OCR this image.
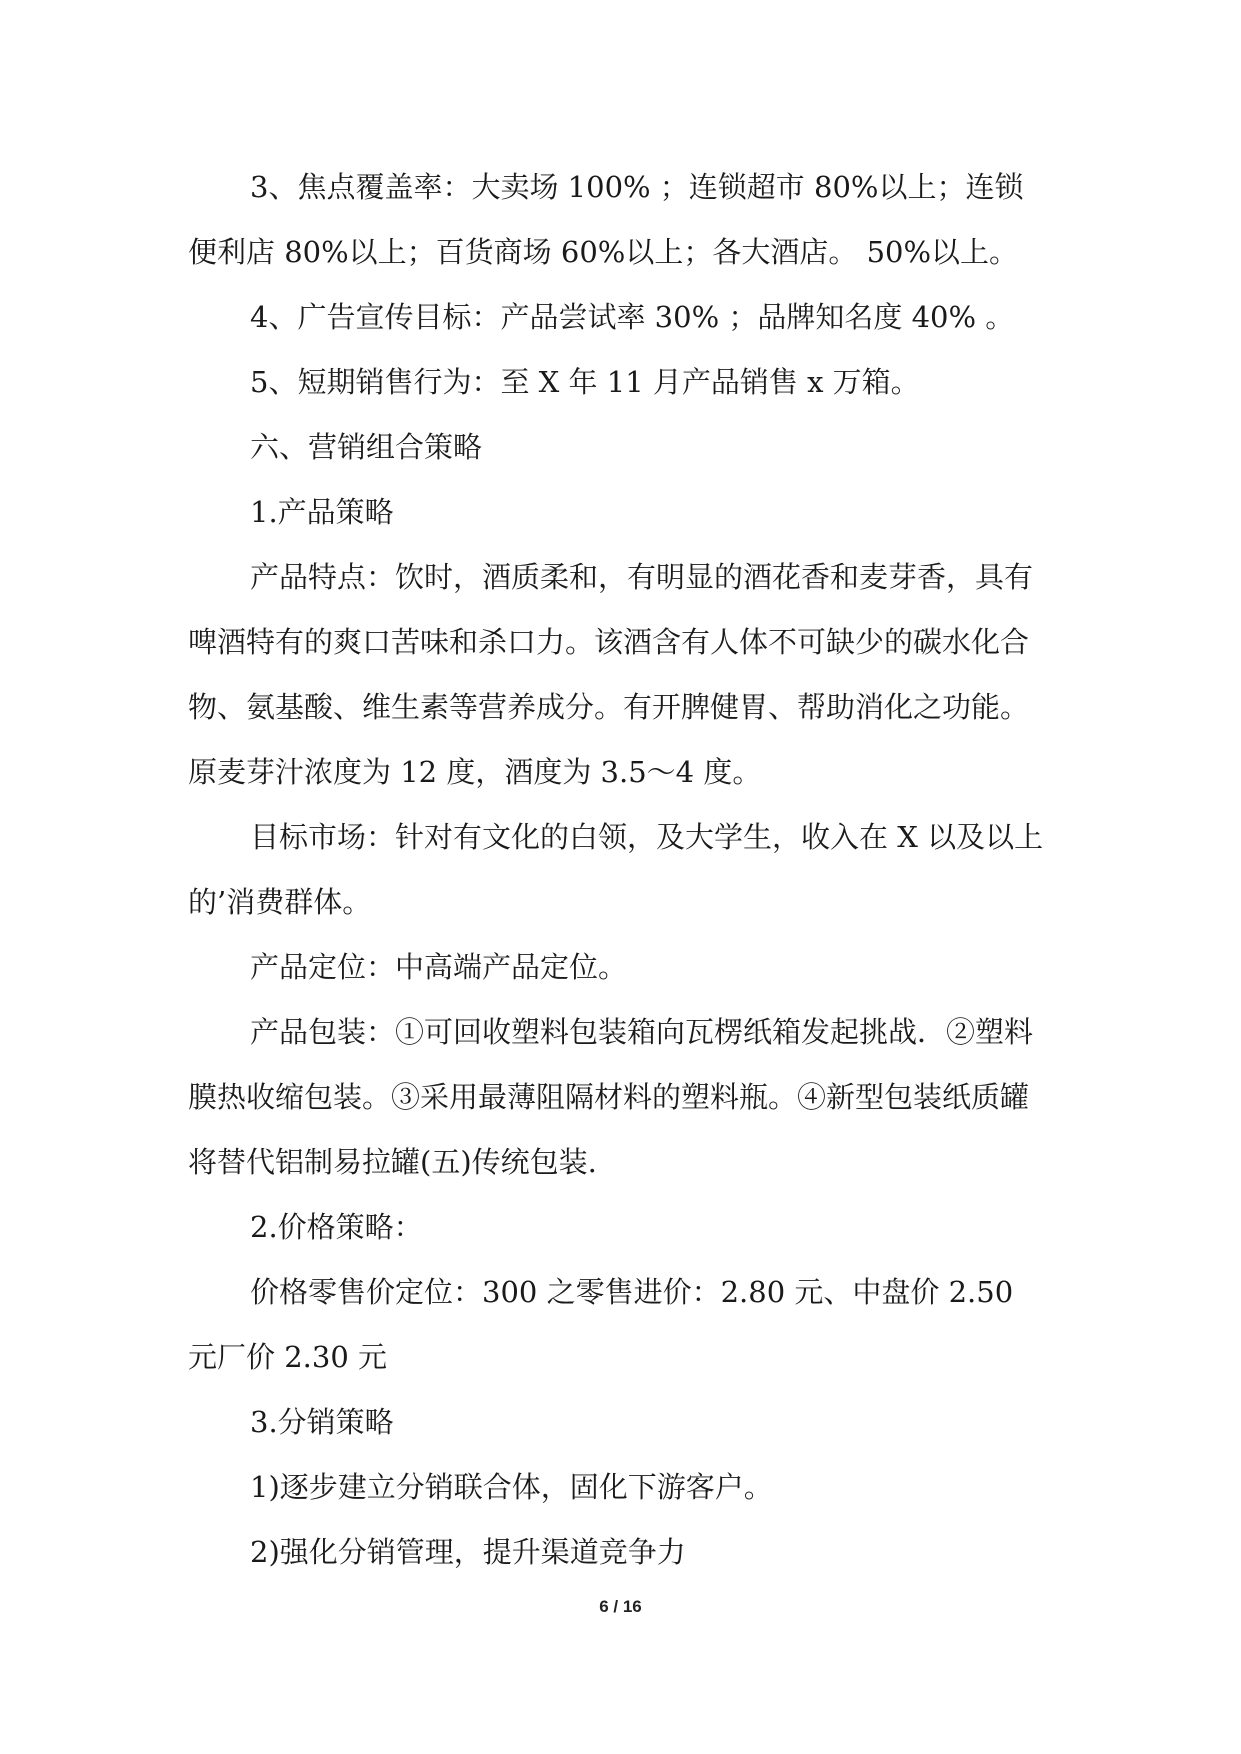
3、焦点覆盖率：大卖场 100% ；连锁超市 80%以上；连锁便利店 80%以上；百货商场 60%以上；各大酒店。 50%以上。

4、广告宣传目标：产品尝试率 30% ；品牌知名度 40% 。

5、短期销售行为：至 X 年 11 月产品销售 x 万箱。

六、营销组合策略

1.产品策略

产品特点：饮时，酒质柔和，有明显的酒花香和麦芽香，具有啤酒特有的爽口苦味和杀口力。该酒含有人体不可缺少的碳水化合物、氨基酸、维生素等营养成分。有开脾健胃、帮助消化之功能。原麦芽汁浓度为 12 度，酒度为 3.5～4 度。

目标市场：针对有文化的白领，及大学生，收入在 X 以及以上的’消费群体。

产品定位：中高端产品定位。

产品包装：①可回收塑料包装箱向瓦楞纸箱发起挑战．②塑料膜热收缩包装。③采用最薄阻隔材料的塑料瓶。④新型包装纸质罐将替代铝制易拉罐(五)传统包装.

2.价格策略：

价格零售价定位：300 之零售进价：2.80 元、中盘价 2.50 元厂价 2.30 元

3.分销策略

1)逐步建立分销联合体，固化下游客户。

2)强化分销管理，提升渠道竞争力

6 / 16
